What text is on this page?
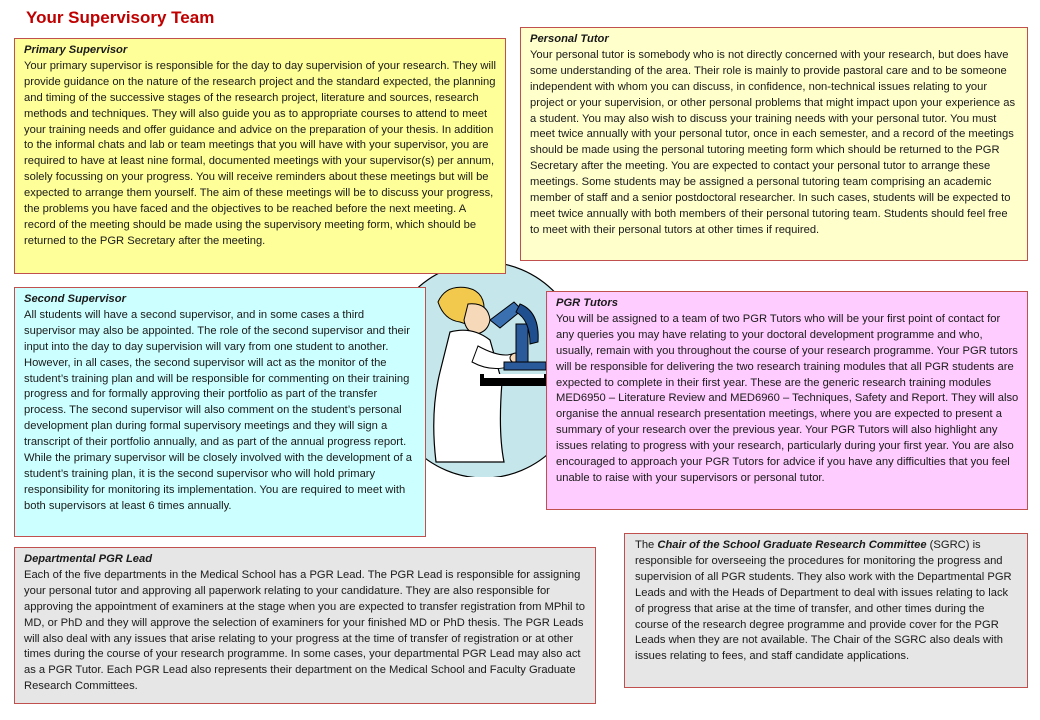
Your Supervisory Team
Primary Supervisor

Your primary supervisor is responsible for the day to day supervision of your research. They will provide guidance on the nature of the research project and the standard expected, the planning and timing of the successive stages of the research project, literature and sources, research methods and techniques. They will also guide you as to appropriate courses to attend to meet your training needs and offer guidance and advice on the preparation of your thesis. In addition to the informal chats and lab or team meetings that you will have with your supervisor, you are required to have at least nine formal, documented meetings with your supervisor(s) per annum, solely focussing on your progress. You will receive reminders about these meetings but will be expected to arrange them yourself. The aim of these meetings will be to discuss your progress, the problems you have faced and the objectives to be reached before the next meeting. A record of the meeting should be made using the supervisory meeting form, which should be returned to the PGR Secretary after the meeting.

Personal Tutor

Your personal tutor is somebody who is not directly concerned with your research, but does have some understanding of the area. Their role is mainly to provide pastoral care and to be someone independent with whom you can discuss, in confidence, non-technical issues relating to your project or your supervision, or other personal problems that might impact upon your experience as a student. You may also wish to discuss your training needs with your personal tutor. You must meet twice annually with your personal tutor, once in each semester, and a record of the meetings should be made using the personal tutoring meeting form which should be returned to the PGR Secretary after the meeting. You are expected to contact your personal tutor to arrange these meetings. Some students may be assigned a personal tutoring team comprising an academic member of staff and a senior postdoctoral researcher. In such cases, students will be expected to meet twice annually with both members of their personal tutoring team. Students should feel free to meet with their personal tutors at other times if required.

Second Supervisor

All students will have a second supervisor, and in some cases a third supervisor may also be appointed. The role of the second supervisor and their input into the day to day supervision will vary from one student to another. However, in all cases, the second supervisor will act as the monitor of the student’s training plan and will be responsible for commenting on their training progress and for formally approving their portfolio as part of the transfer process. The second supervisor will also comment on the student’s personal development plan during formal supervisory meetings and they will sign a transcript of their portfolio annually, and as part of the annual progress report. While the primary supervisor will be closely involved with the development of a student’s training plan, it is the second supervisor who will hold primary responsibility for monitoring its implementation. You are required to meet with both supervisors at least 6 times annually.

PGR Tutors

You will be assigned to a team of two PGR Tutors who will be your first point of contact for any queries you may have relating to your doctoral development programme and who, usually, remain with you throughout the course of your research programme. Your PGR tutors will be responsible for delivering the two research training modules that all PGR students are expected to complete in their first year. These are the generic research training modules MED6950 – Literature Review and MED6960 – Techniques, Safety and Report. They will also organise the annual research presentation meetings, where you are expected to present a summary of your research over the previous year. Your PGR Tutors will also highlight any issues relating to progress with your research, particularly during your first year. You are also encouraged to approach your PGR Tutors for advice if you have any difficulties that you feel unable to raise with your supervisors or personal tutor.

Departmental PGR Lead

Each of the five departments in the Medical School has a PGR Lead. The PGR Lead is responsible for assigning your personal tutor and approving all paperwork relating to your candidature. They are also responsible for approving the appointment of examiners at the stage when you are expected to transfer registration from MPhil to MD, or PhD and they will approve the selection of examiners for your finished MD or PhD thesis. The PGR Leads will also deal with any issues that arise relating to your progress at the time of transfer of registration or at other times during the course of your research programme. In some cases, your departmental PGR Lead may also act as a PGR Tutor. Each PGR Lead also represents their department on the Medical School and Faculty Graduate Research Committees.

The Chair of the School Graduate Research Committee (SGRC) is responsible for overseeing the procedures for monitoring the progress and supervision of all PGR students. They also work with the Departmental PGR Leads and with the Heads of Department to deal with issues relating to lack of progress that arise at the time of transfer, and other times during the course of the research degree programme and provide cover for the PGR Leads when they are not available. The Chair of the SGRC also deals with issues relating to fees, and staff candidate applications.
